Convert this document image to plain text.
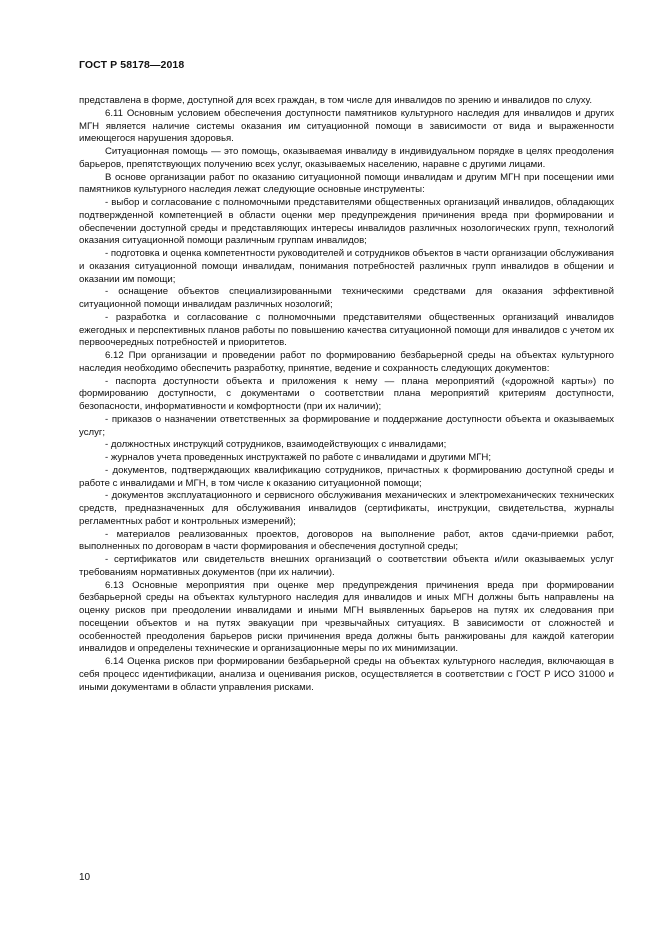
ГОСТ Р 58178—2018

представлена в форме, доступной для всех граждан, в том числе для инвалидов по зрению и инвалидов по слуху.

6.11 Основным условием обеспечения доступности памятников культурного наследия для инвалидов и других МГН является наличие системы оказания им ситуационной помощи в зависимости от вида и выраженности имеющегося нарушения здоровья.

Ситуационная помощь — это помощь, оказываемая инвалиду в индивидуальном порядке в целях преодоления барьеров, препятствующих получению всех услуг, оказываемых населению, наравне с другими лицами.

В основе организации работ по оказанию ситуационной помощи инвалидам и другим МГН при посещении ими памятников культурного наследия лежат следующие основные инструменты:

- выбор и согласование с полномочными представителями общественных организаций инвалидов, обладающих подтвержденной компетенцией в области оценки мер предупреждения причинения вреда при формировании и обеспечении доступной среды и представляющих интересы инвалидов различных нозологических групп, технологий оказания ситуационной помощи различным группам инвалидов;

- подготовка и оценка компетентности руководителей и сотрудников объектов в части организации обслуживания и оказания ситуационной помощи инвалидам, понимания потребностей различных групп инвалидов в общении и оказании им помощи;

- оснащение объектов специализированными техническими средствами для оказания эффективной ситуационной помощи инвалидам различных нозологий;

- разработка и согласование с полномочными представителями общественных организаций инвалидов ежегодных и перспективных планов работы по повышению качества ситуационной помощи для инвалидов с учетом их первоочередных потребностей и приоритетов.

6.12 При организации и проведении работ по формированию безбарьерной среды на объектах культурного наследия необходимо обеспечить разработку, принятие, ведение и сохранность следующих документов:

- паспорта доступности объекта и приложения к нему — плана мероприятий («дорожной карты») по формированию доступности, с документами о соответствии плана мероприятий критериям доступности, безопасности, информативности и комфортности (при их наличии);

- приказов о назначении ответственных за формирование и поддержание доступности объекта и оказываемых услуг;

- должностных инструкций сотрудников, взаимодействующих с инвалидами;

- журналов учета проведенных инструктажей по работе с инвалидами и другими МГН;

- документов, подтверждающих квалификацию сотрудников, причастных к формированию доступной среды и работе с инвалидами и МГН, в том числе к оказанию ситуационной помощи;

- документов эксплуатационного и сервисного обслуживания механических и электромеханических технических средств, предназначенных для обслуживания инвалидов (сертификаты, инструкции, свидетельства, журналы регламентных работ и контрольных измерений);

- материалов реализованных проектов, договоров на выполнение работ, актов сдачи-приемки работ, выполненных по договорам в части формирования и обеспечения доступной среды;

- сертификатов или свидетельств внешних организаций о соответствии объекта и/или оказываемых услуг требованиям нормативных документов (при их наличии).

6.13 Основные мероприятия при оценке мер предупреждения причинения вреда при формировании безбарьерной среды на объектах культурного наследия для инвалидов и иных МГН должны быть направлены на оценку рисков при преодолении инвалидами и иными МГН выявленных барьеров на путях их следования при посещении объектов и на путях эвакуации при чрезвычайных ситуациях. В зависимости от сложностей и особенностей преодоления барьеров риски причинения вреда должны быть ранжированы для каждой категории инвалидов и определены технические и организационные меры по их минимизации.

6.14 Оценка рисков при формировании безбарьерной среды на объектах культурного наследия, включающая в себя процесс идентификации, анализа и оценивания рисков, осуществляется в соответствии с ГОСТ Р ИСО 31000 и иными документами в области управления рисками.

10
